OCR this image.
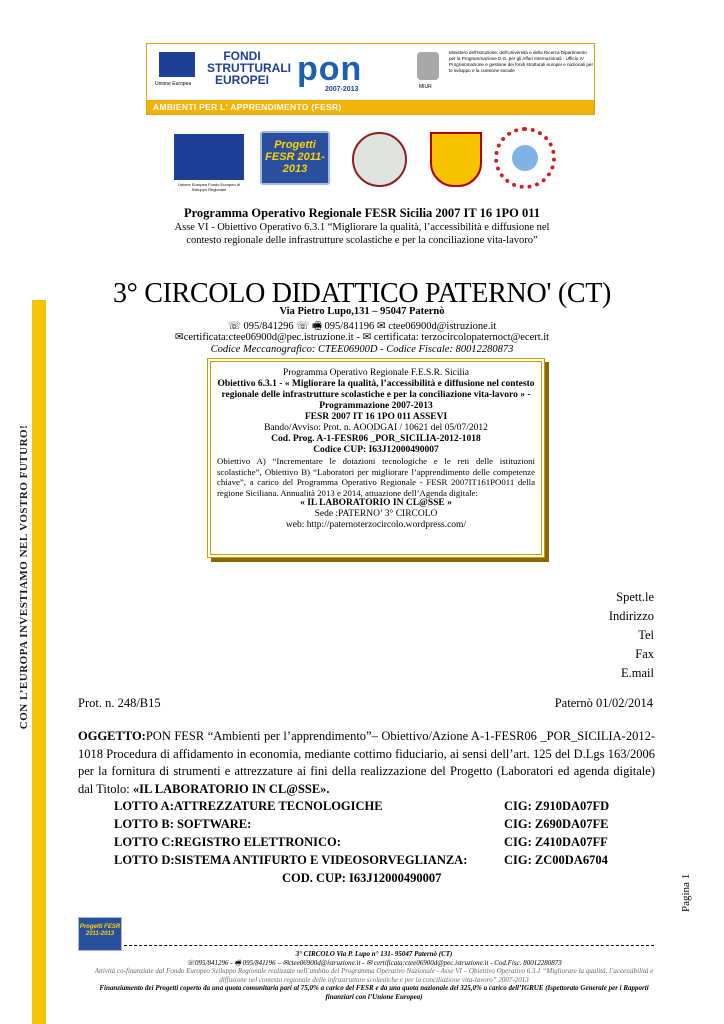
Unione Europea
FONDI STRUTTURALI EUROPEI pon
2007-2013	MIUR
Ministero dell'Istruzione, dell'Università e della Ricerca Dipartimento per la Programmazione D.G. per gli Affari Internazionali - Ufficio IV Programmazione e gestione dei fondi strutturali europei e nazionali per lo sviluppo e la coesione sociale
AMBIENTI PER L' APPRENDIMENTO (FESR)
Unione Europea Fondo Europeo di Sviluppo Regionale
Progetti FESR 2011-2013
Programma Operativo Regionale FESR Sicilia 2007 IT 16 1PO 011
Asse VI - Obiettivo Operativo 6.3.1 “Migliorare la qualità, l’accessibilità e diffusione nel contesto regionale delle infrastrutture scolastiche e per la conciliazione vita-lavoro”
3° CIRCOLO DIDATTICO PATERNO' (CT)
Via Pietro Lupo,131 – 95047 Paternò
☏ 095/841296 ☏ 🖷 095/841196 ✉ ctee06900d@istruzione.it
✉certificata:ctee06900d@pec.istruzione.it - ✉ certificata: terzocircolopaternoct@ecert.it
Codice Meccanografico: CTEE06900D - Codice Fiscale: 80012280873
Programma Operativo Regionale F.E.S.R. Sicilia
Obiettivo 6.3.1 - « Migliorare la qualità, l’accessibilità e diffusione nel contesto regionale delle infrastrutture scolastiche e per la conciliazione vita-lavoro » - Programmazione 2007-2013
FESR 2007 IT 16 1PO 011 ASSEVI
Bando/Avviso: Prot. n. AOODGAI / 10621 del 05/07/2012
Cod. Prog. A-1-FESR06 _POR_SICILIA-2012-1018
Codice CUP: I63J12000490007
Obiettivo A) “Incrementare le dotazioni tecnologiche e le reti delle istituzioni scolastiche”, Obiettivo B) “Laboratori per migliorare l’apprendimento delle competenze chiave”, a carico del Programma Operativo Regionale - FESR 2007IT161PO011 della regione Siciliana. Annualità 2013 e 2014, attuazione dell’Agenda digitale:
« IL LABORATORIO IN CL@SSE »
Sede :PATERNO’ 3° CIRCOLO
web: http://paternoterzocircolo.wordpress.com/
CON L’EUROPA INVESTIAMO NEL VOSTRO FUTURO!	Spett.le
Indirizzo
Tel
Fax
E.mail
Prot. n. 248/B15	Paternò 01/02/2014
OGGETTO:PON FESR “Ambienti per l’apprendimento”– Obiettivo/Azione A-1-FESR06 _POR_SICILIA-2012-1018 Procedura di affidamento in economia, mediante cottimo fiduciario, ai sensi dell’art. 125 del D.Lgs 163/2006 per la fornitura di strumenti e attrezzature ai fini della realizzazione del Progetto (Laboratori ed agenda digitale) dal Titolo: «IL LABORATORIO IN CL@SSE».
LOTTO A:ATTREZZATURE TECNOLOGICHE	CIG: Z910DA07FD
LOTTO B: SOFTWARE:	CIG: Z690DA07FE
LOTTO C:REGISTRO ELETTRONICO:	CIG: Z410DA07FF
LOTTO D:SISTEMA ANTIFURTO E VIDEOSORVEGLIANZA:	CIG: ZC00DA6704
COD. CUP: I63J12000490007	Pagina 1
Progetti FESR 2011-2013
3° CIRCOLO Via P. Lupo n° 131- 95047 Paternò (CT)
☏095/841296 - 🖷 095/841196 – ✉ctee06900d@istruzione.it - ✉ certificata:ctee06900d@pec.istruzione.it - Cod.Fisc. 80012280873
Attività co-finanziate dal Fondo Europeo Sviluppo Regionale realizzate nell’ambito del Programma Operativo Nazionale - Asse VI – Obiettivo Operativo 6.3.1 “Migliorare la qualità, l’accessibilità e diffusione nel contesto regionale delle infrastrutture scolastiche e per la conciliazione vita-lavoro” 2007-2013
Finanziamento dei Progetti coperto da una quota comunitaria pari al 75,0% a carico del FESR e da una quota nazionale del 325,0% a carico dell’IGRUE (Ispettorato Generale per i Rapporti finanziari con l’Unione Europea)
